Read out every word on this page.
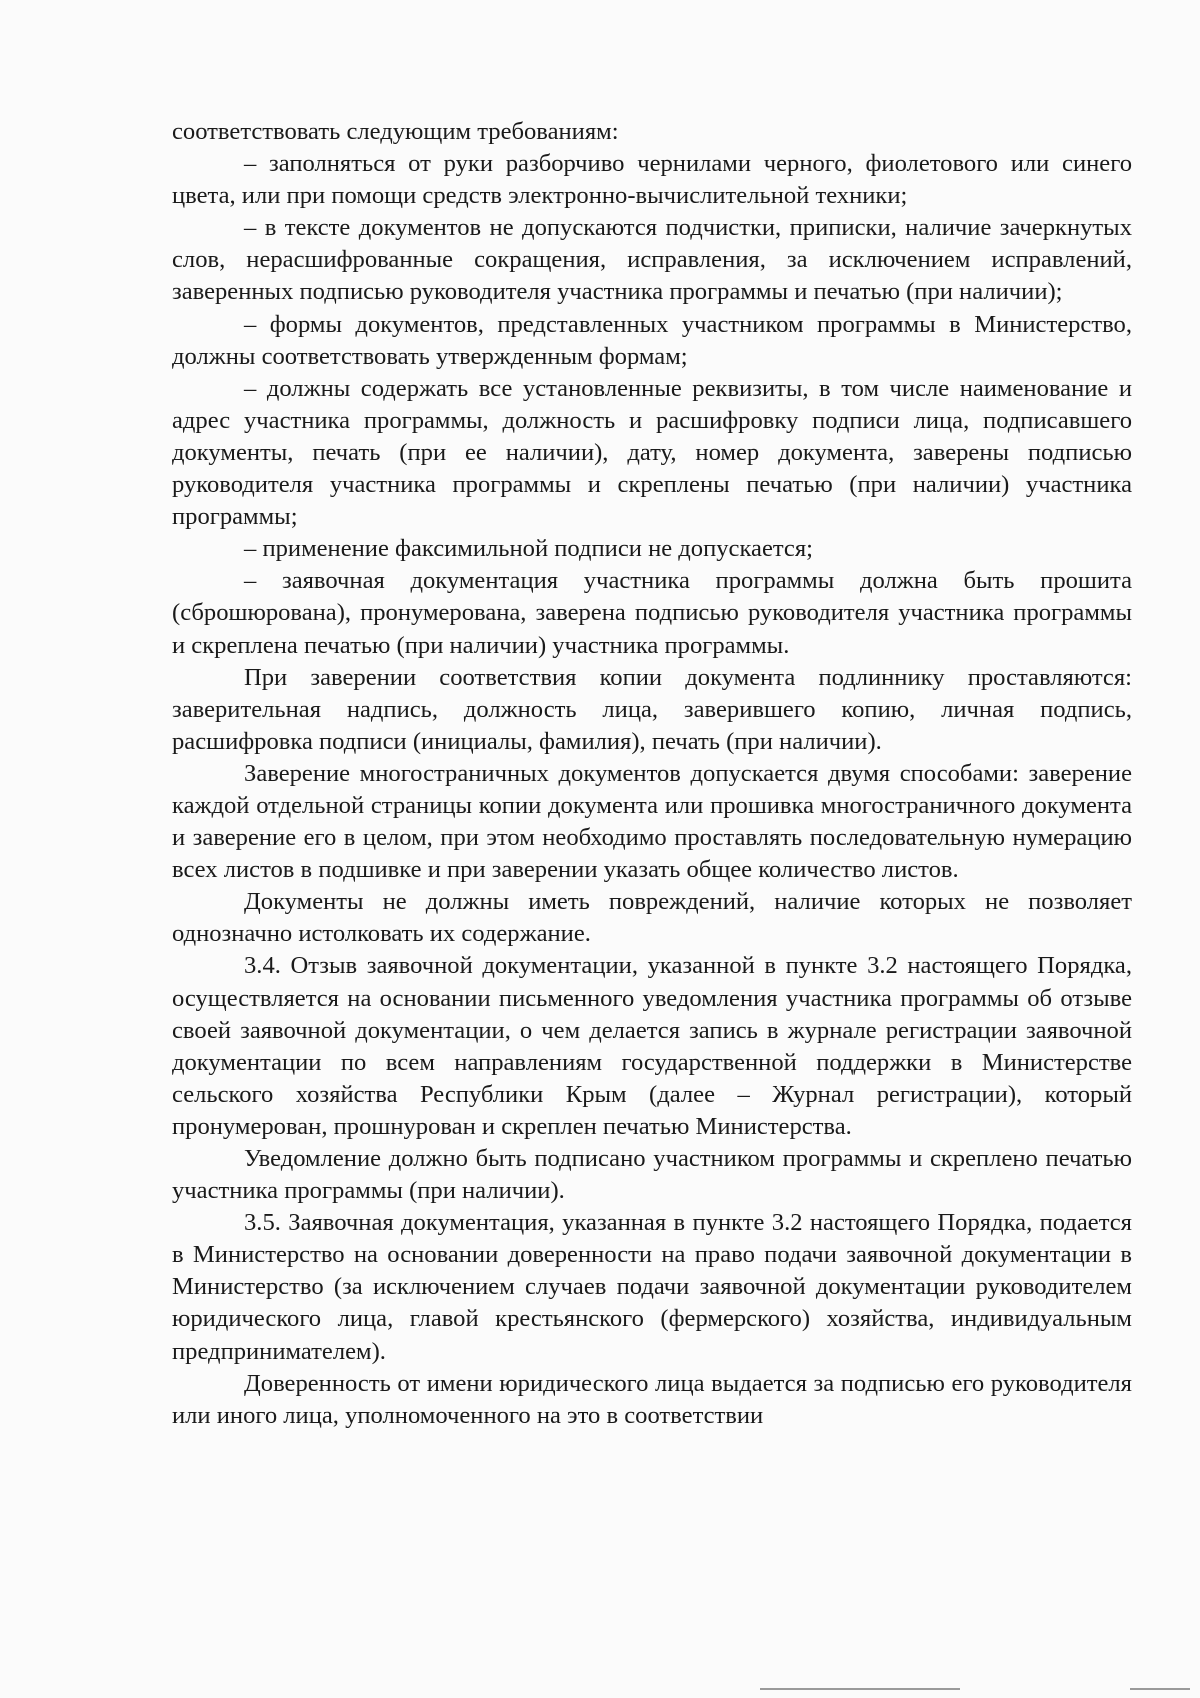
соответствовать следующим требованиям:

– заполняться от руки разборчиво чернилами черного, фиолетового или синего цвета, или при помощи средств электронно-вычислительной техники;

– в тексте документов не допускаются подчистки, приписки, наличие зачеркнутых слов, нерасшифрованные сокращения, исправления, за исключением исправлений, заверенных подписью руководителя участника программы и печатью (при наличии);

– формы документов, представленных участником программы в Министерство, должны соответствовать утвержденным формам;

– должны содержать все установленные реквизиты, в том числе наименование и адрес участника программы, должность и расшифровку подписи лица, подписавшего документы, печать (при ее наличии), дату, номер документа, заверены подписью руководителя участника программы и скреплены печатью (при наличии) участника программы;

– применение факсимильной подписи не допускается;

– заявочная документация участника программы должна быть прошита (сброшюрована), пронумерована, заверена подписью руководителя участника программы и скреплена печатью (при наличии) участника программы.

При заверении соответствия копии документа подлиннику проставляются: заверительная надпись, должность лица, заверившего копию, личная подпись, расшифровка подписи (инициалы, фамилия), печать (при наличии).

Заверение многостраничных документов допускается двумя способами: заверение каждой отдельной страницы копии документа или прошивка многостраничного документа и заверение его в целом, при этом необходимо проставлять последовательную нумерацию всех листов в подшивке и при заверении указать общее количество листов.

Документы не должны иметь повреждений, наличие которых не позволяет однозначно истолковать их содержание.

3.4. Отзыв заявочной документации, указанной в пункте 3.2 настоящего Порядка, осуществляется на основании письменного уведомления участника программы об отзыве своей заявочной документации, о чем делается запись в журнале регистрации заявочной документации по всем направлениям государственной поддержки в Министерстве сельского хозяйства Республики Крым (далее – Журнал регистрации), который пронумерован, прошнурован и скреплен печатью Министерства.

Уведомление должно быть подписано участником программы и скреплено печатью участника программы (при наличии).

3.5. Заявочная документация, указанная в пункте 3.2 настоящего Порядка, подается в Министерство на основании доверенности на право подачи заявочной документации в Министерство (за исключением случаев подачи заявочной документации руководителем юридического лица, главой крестьянского (фермерского) хозяйства, индивидуальным предпринимателем).

Доверенность от имени юридического лица выдается за подписью его руководителя или иного лица, уполномоченного на это в соответствии
